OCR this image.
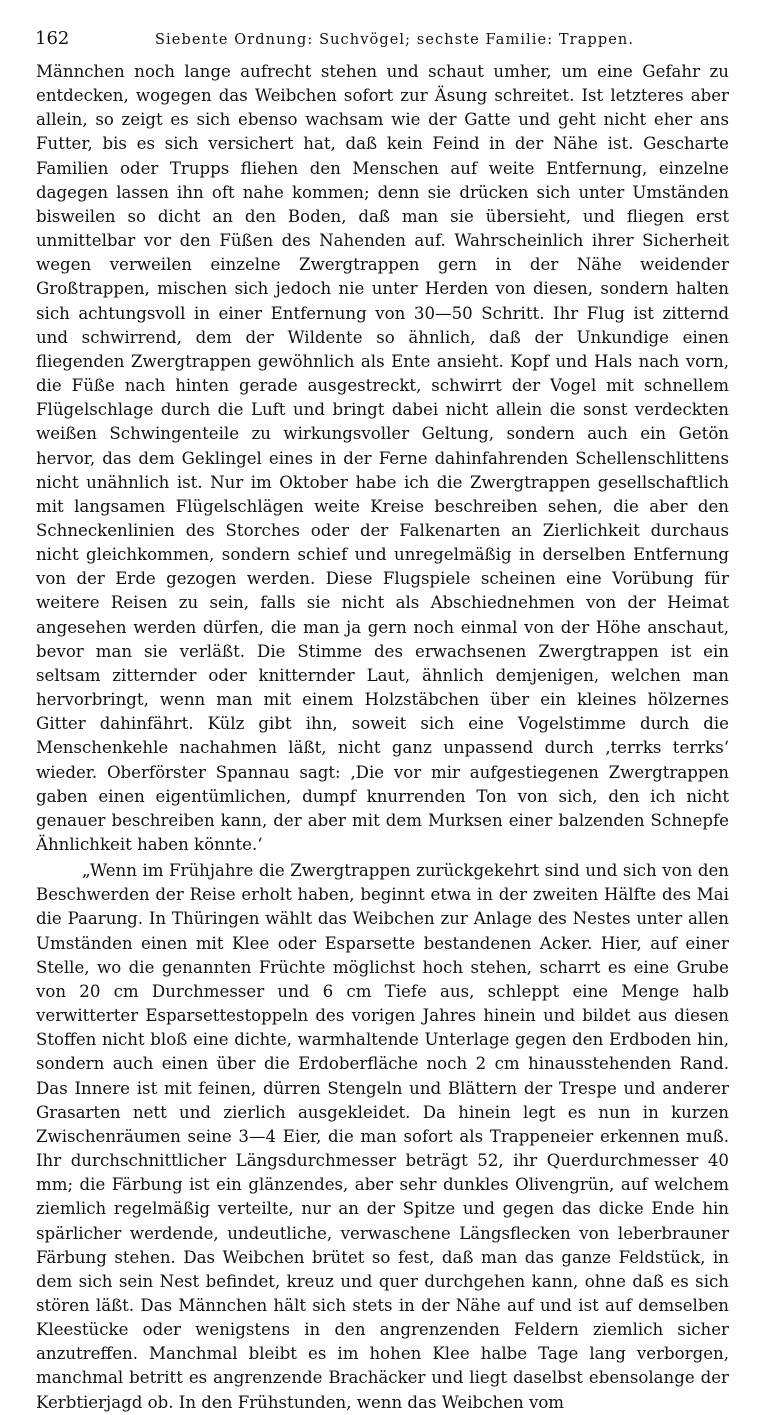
162	Siebente Ordnung: Suchvögel; sechste Familie: Trappen.

Männchen noch lange aufrecht stehen und schaut umher, um eine Gefahr zu entdecken, wogegen das Weibchen sofort zur Äsung schreitet. Ist letzteres aber allein, so zeigt es sich ebenso wachsam wie der Gatte und geht nicht eher ans Futter, bis es sich versichert hat, daß kein Feind in der Nähe ist. Gescharte Familien oder Trupps fliehen den Menschen auf weite Entfernung, einzelne dagegen lassen ihn oft nahe kommen; denn sie drücken sich unter Umständen bisweilen so dicht an den Boden, daß man sie übersieht, und fliegen erst unmittelbar vor den Füßen des Nahenden auf. Wahrscheinlich ihrer Sicherheit wegen verweilen einzelne Zwergtrappen gern in der Nähe weidender Großtrappen, mischen sich jedoch nie unter Herden von diesen, sondern halten sich achtungsvoll in einer Entfernung von 30—50 Schritt. Ihr Flug ist zitternd und schwirrend, dem der Wildente so ähnlich, daß der Unkundige einen fliegenden Zwergtrappen gewöhnlich als Ente ansieht. Kopf und Hals nach vorn, die Füße nach hinten gerade ausgestreckt, schwirrt der Vogel mit schnellem Flügelschlage durch die Luft und bringt dabei nicht allein die sonst verdeckten weißen Schwingenteile zu wirkungsvoller Geltung, sondern auch ein Getön hervor, das dem Geklingel eines in der Ferne dahinfahrenden Schellenschlittens nicht unähnlich ist. Nur im Oktober habe ich die Zwergtrappen gesellschaftlich mit langsamen Flügelschlägen weite Kreise beschreiben sehen, die aber den Schneckenlinien des Storches oder der Falkenarten an Zierlichkeit durchaus nicht gleichkommen, sondern schief und unregelmäßig in derselben Entfernung von der Erde gezogen werden. Diese Flugspiele scheinen eine Vorübung für weitere Reisen zu sein, falls sie nicht als Abschiednehmen von der Heimat angesehen werden dürfen, die man ja gern noch einmal von der Höhe anschaut, bevor man sie verläßt. Die Stimme des erwachsenen Zwergtrappen ist ein seltsam zitternder oder knitternder Laut, ähnlich demjenigen, welchen man hervorbringt, wenn man mit einem Holzstäbchen über ein kleines hölzernes Gitter dahinfährt. Külz gibt ihn, soweit sich eine Vogelstimme durch die Menschenkehle nachahmen läßt, nicht ganz unpassend durch ‚terrks terrks‘ wieder. Oberförster Spannau sagt: ‚Die vor mir aufgestiegenen Zwergtrappen gaben einen eigentümlichen, dumpf knurrenden Ton von sich, den ich nicht genauer beschreiben kann, der aber mit dem Murksen einer balzenden Schnepfe Ähnlichkeit haben könnte.‘

„Wenn im Frühjahre die Zwergtrappen zurückgekehrt sind und sich von den Beschwerden der Reise erholt haben, beginnt etwa in der zweiten Hälfte des Mai die Paarung. In Thüringen wählt das Weibchen zur Anlage des Nestes unter allen Umständen einen mit Klee oder Esparsette bestandenen Acker. Hier, auf einer Stelle, wo die genannten Früchte möglichst hoch stehen, scharrt es eine Grube von 20 cm Durchmesser und 6 cm Tiefe aus, schleppt eine Menge halb verwitterter Esparsettestoppeln des vorigen Jahres hinein und bildet aus diesen Stoffen nicht bloß eine dichte, warmhaltende Unterlage gegen den Erdboden hin, sondern auch einen über die Erdoberfläche noch 2 cm hinausstehenden Rand. Das Innere ist mit feinen, dürren Stengeln und Blättern der Trespe und anderer Grasarten nett und zierlich ausgekleidet. Da hinein legt es nun in kurzen Zwischenräumen seine 3—4 Eier, die man sofort als Trappeneier erkennen muß. Ihr durchschnittlicher Längsdurchmesser beträgt 52, ihr Querdurchmesser 40 mm; die Färbung ist ein glänzendes, aber sehr dunkles Olivengrün, auf welchem ziemlich regelmäßig verteilte, nur an der Spitze und gegen das dicke Ende hin spärlicher werdende, undeutliche, verwaschene Längsflecken von leberbrauner Färbung stehen. Das Weibchen brütet so fest, daß man das ganze Feldstück, in dem sich sein Nest befindet, kreuz und quer durchgehen kann, ohne daß es sich stören läßt. Das Männchen hält sich stets in der Nähe auf und ist auf demselben Kleestücke oder wenigstens in den angrenzenden Feldern ziemlich sicher anzutreffen. Manchmal bleibt es im hohen Klee halbe Tage lang verborgen, manchmal betritt es angrenzende Brachäcker und liegt daselbst ebensolange der Kerbtierjagd ob. In den Frühstunden, wenn das Weibchen vom
